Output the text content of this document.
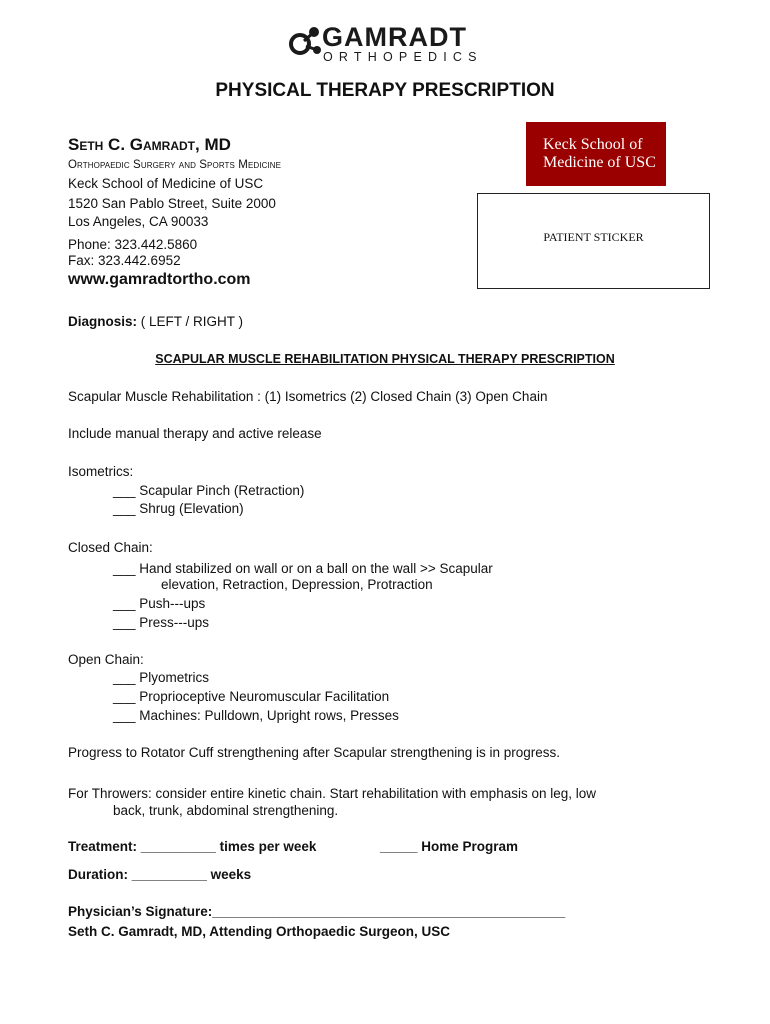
GAMRADT
ORTHOPEDICS
PHYSICAL THERAPY PRESCRIPTION
Seth C. Gamradt, MD
Orthopaedic Surgery and Sports Medicine
Keck School of Medicine of USC
1520 San Pablo Street, Suite 2000
Los Angeles, CA 90033
Phone: 323.442.5860
Fax: 323.442.6952
www.gamradtortho.com
Keck School of
Medicine of USC
PATIENT STICKER
Diagnosis: ( LEFT / RIGHT )
SCAPULAR MUSCLE REHABILITATION PHYSICAL THERAPY PRESCRIPTION
Scapular Muscle Rehabilitation : (1) Isometrics (2) Closed Chain (3) Open Chain
Include manual therapy and active release
Isometrics:
___ Scapular Pinch (Retraction)
___ Shrug (Elevation)
Closed Chain:
___ Hand stabilized on wall or on a ball on the wall >> Scapular
elevation, Retraction, Depression, Protraction
___ Push---ups
___ Press---ups
Open Chain:
___ Plyometrics
___ Proprioceptive Neuromuscular Facilitation
___ Machines: Pulldown, Upright rows, Presses
Progress to Rotator Cuff strengthening after Scapular strengthening is in progress.
For Throwers: consider entire kinetic chain. Start rehabilitation with emphasis on leg, low
back, trunk, abdominal strengthening.
Treatment: __________ times per week	_____ Home Program
Duration: __________ weeks
Physician’s Signature:_______________________________________________
Seth C. Gamradt, MD, Attending Orthopaedic Surgeon, USC
